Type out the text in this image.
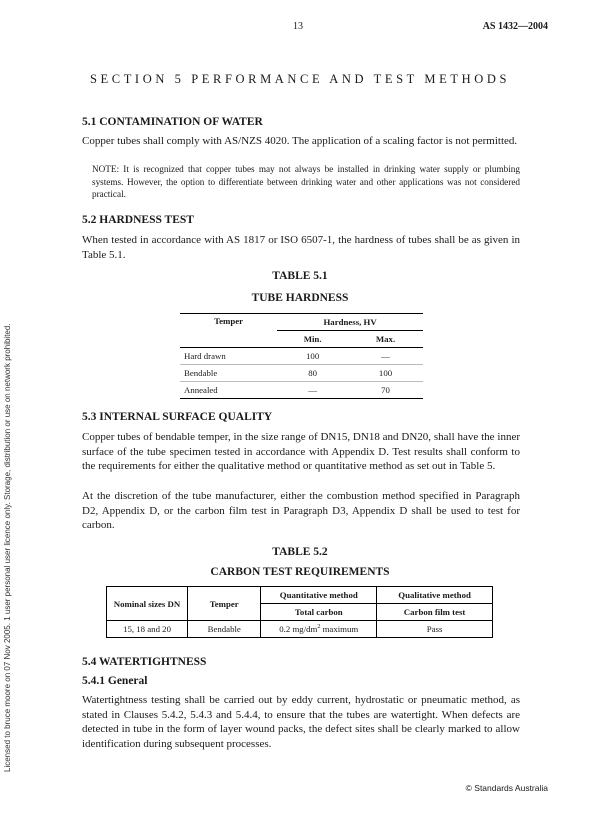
13	AS 1432—2004
SECTION 5 PERFORMANCE AND TEST METHODS
5.1 CONTAMINATION OF WATER
Copper tubes shall comply with AS/NZS 4020. The application of a scaling factor is not permitted.
NOTE: It is recognized that copper tubes may not always be installed in drinking water supply or plumbing systems. However, the option to differentiate between drinking water and other applications was not considered practical.
5.2 HARDNESS TEST
When tested in accordance with AS 1817 or ISO 6507-1, the hardness of tubes shall be as given in Table 5.1.
TABLE 5.1
TUBE HARDNESS
Temper	Hardness, HV	
	Min.	Max.
Hard drawn	100	—
Bendable	80	100
Annealed	—	70
5.3 INTERNAL SURFACE QUALITY
Copper tubes of bendable temper, in the size range of DN15, DN18 and DN20, shall have the inner surface of the tube specimen tested in accordance with Appendix D. Test results shall conform to the requirements for either the qualitative method or quantitative method as set out in Table 5.
At the discretion of the tube manufacturer, either the combustion method specified in Paragraph D2, Appendix D, or the carbon film test in Paragraph D3, Appendix D shall be used to test for carbon.
TABLE 5.2
CARBON TEST REQUIREMENTS
Nominal sizes DN	Temper	Quantitative method	Qualitative method
		Total carbon	Carbon film test
15, 18 and 20	Bendable	0.2 $mg/dm^2$ maximum	Pass
5.4 WATERTIGHTNESS
5.4.1 General
Watertightness testing shall be carried out by eddy current, hydrostatic or pneumatic method, as stated in Clauses 5.4.2, 5.4.3 and 5.4.4, to ensure that the tubes are watertight. When defects are detected in tube in the form of layer wound packs, the defect sites shall be clearly marked to allow identification during subsequent processes.
Licensed to bruce moore on 07 Nov 2005. 1 user personal user licence only. Storage, distribution or use on network prohibited.
© Standards Australia
